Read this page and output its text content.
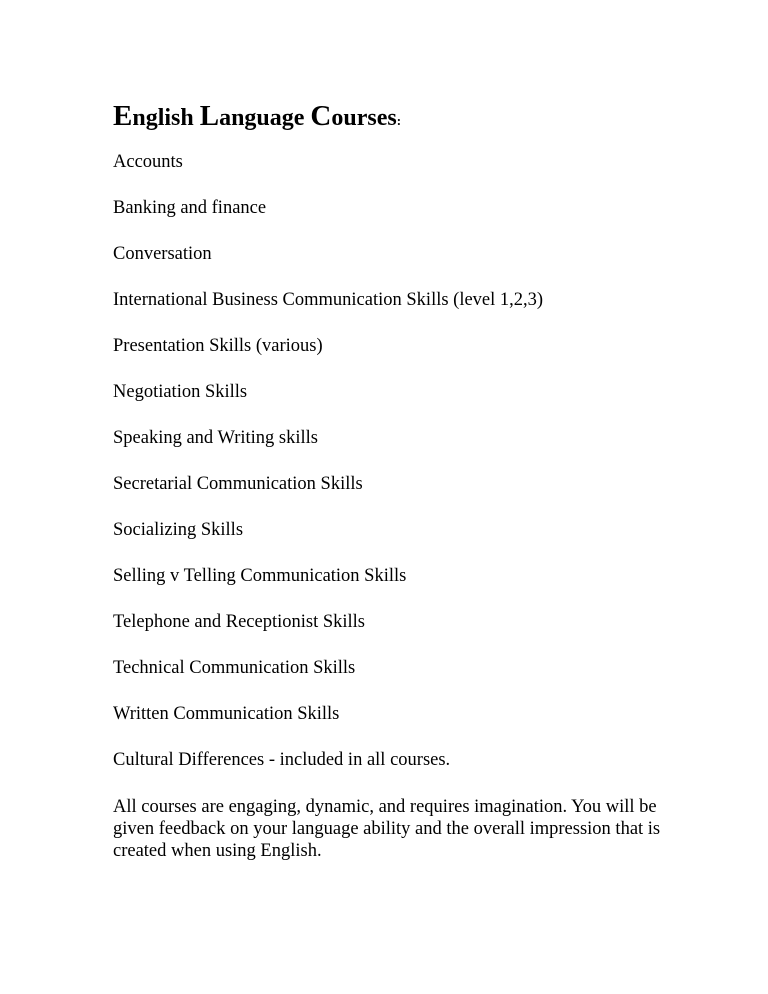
English Language Courses:
Accounts
Banking and finance
Conversation
International Business Communication Skills (level 1,2,3)
Presentation Skills (various)
Negotiation Skills
Speaking and Writing skills
Secretarial Communication Skills
Socializing Skills
Selling v Telling Communication Skills
Telephone and Receptionist Skills
Technical Communication Skills
Written Communication Skills
Cultural Differences - included in all courses.

All courses are engaging, dynamic, and requires imagination. You will be given feedback on your language ability and the overall impression that is created when using English.
